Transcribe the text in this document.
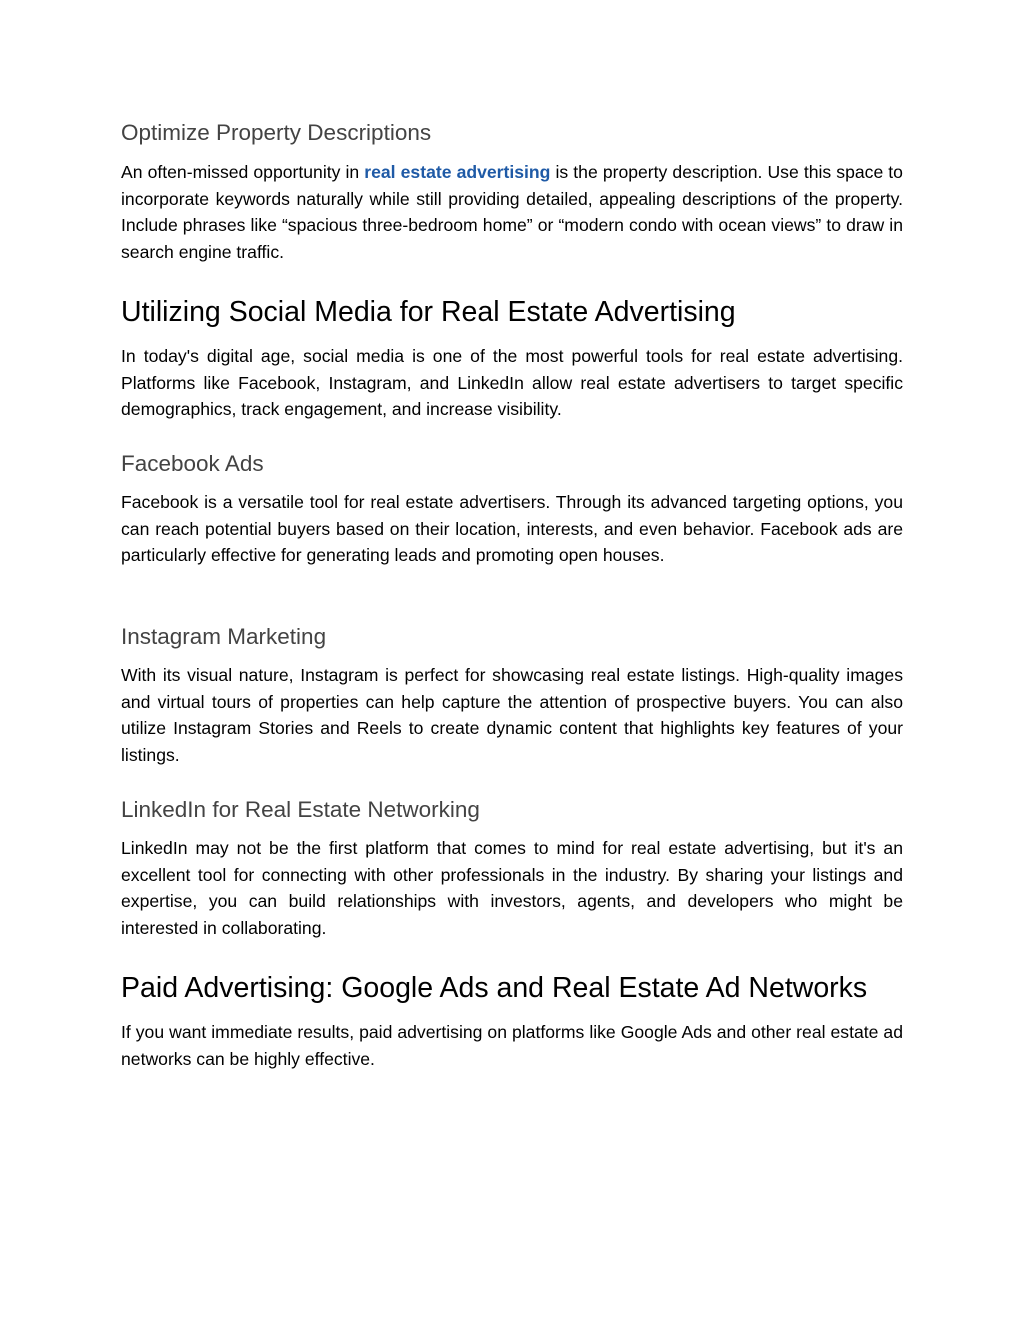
Optimize Property Descriptions

An often-missed opportunity in real estate advertising is the property description. Use this space to incorporate keywords naturally while still providing detailed, appealing descriptions of the property. Include phrases like “spacious three-bedroom home” or “modern condo with ocean views” to draw in search engine traffic.

Utilizing Social Media for Real Estate Advertising

In today's digital age, social media is one of the most powerful tools for real estate advertising. Platforms like Facebook, Instagram, and LinkedIn allow real estate advertisers to target specific demographics, track engagement, and increase visibility.

Facebook Ads

Facebook is a versatile tool for real estate advertisers. Through its advanced targeting options, you can reach potential buyers based on their location, interests, and even behavior. Facebook ads are particularly effective for generating leads and promoting open houses.

Instagram Marketing

With its visual nature, Instagram is perfect for showcasing real estate listings. High-quality images and virtual tours of properties can help capture the attention of prospective buyers. You can also utilize Instagram Stories and Reels to create dynamic content that highlights key features of your listings.

LinkedIn for Real Estate Networking

LinkedIn may not be the first platform that comes to mind for real estate advertising, but it's an excellent tool for connecting with other professionals in the industry. By sharing your listings and expertise, you can build relationships with investors, agents, and developers who might be interested in collaborating.

Paid Advertising: Google Ads and Real Estate Ad Networks

If you want immediate results, paid advertising on platforms like Google Ads and other real estate ad networks can be highly effective.
